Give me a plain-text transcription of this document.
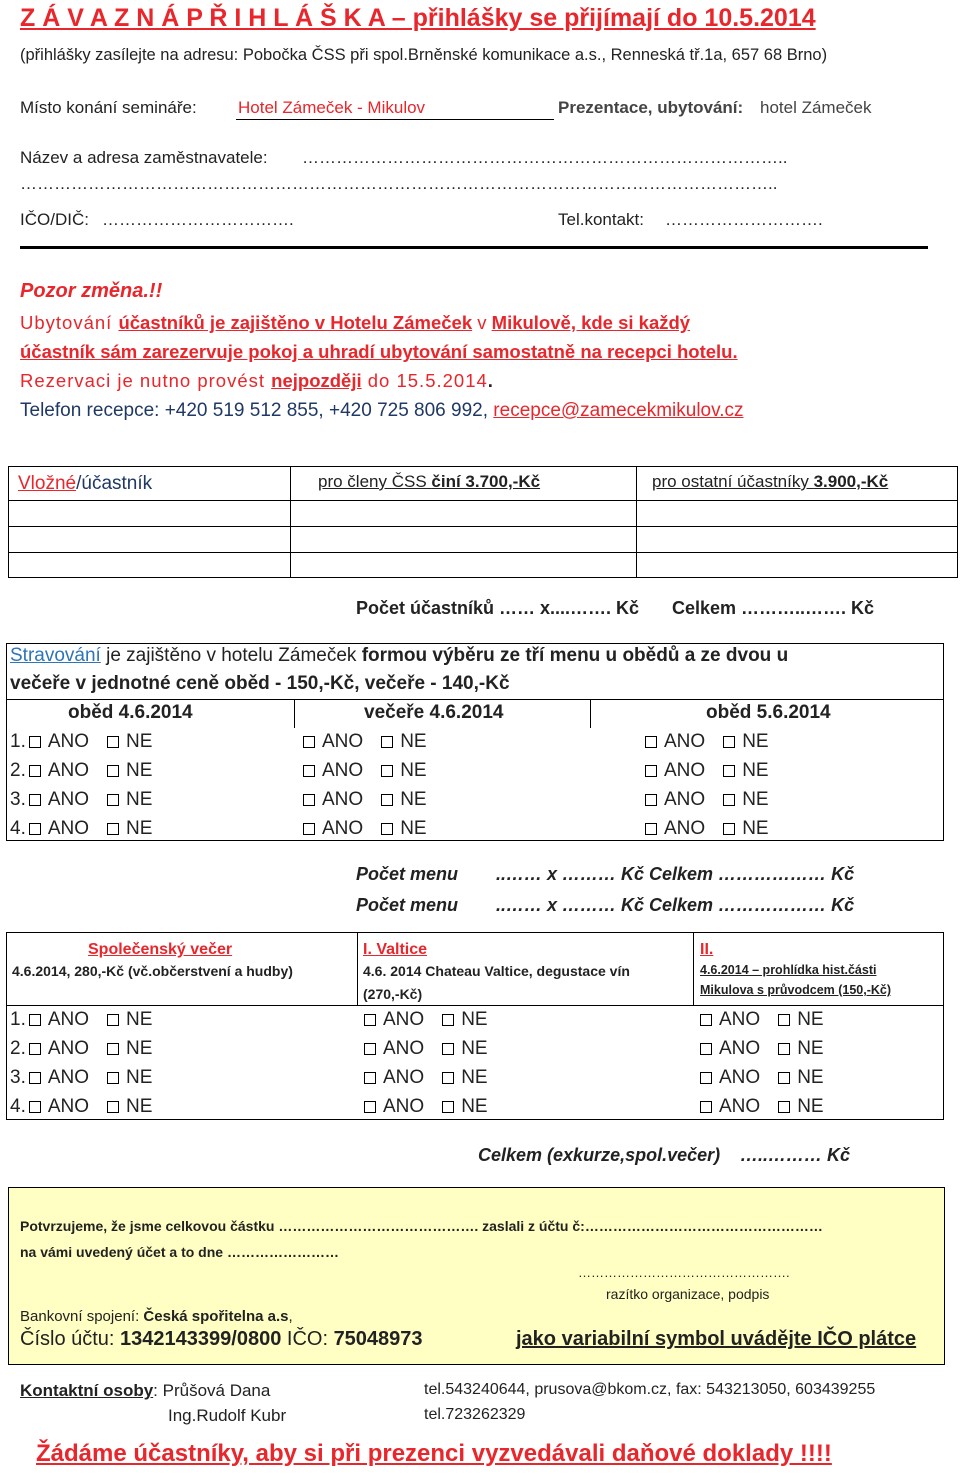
Z Á V A Z N Á P Ř I H L Á Š K A – přihlášky se přijímají do 10.5.2014
(přihlášky zasílejte na adresu: Pobočka ČSS při spol.Brněnské komunikace a.s., Renneská tř.1a, 657 68 Brno)
Místo konání semináře: Hotel Zámeček - Mikulov	Prezentace, ubytování: hotel Zámeček
Název a adresa zaměstnavatele: …………………………………………………………………………..
……………………………………………………………………………………………………………………..
IČO/DIČ: …………………………….	Tel.kontakt: ……………………….
Pozor změna.!!
Ubytování účastníků je zajištěno v Hotelu Zámeček v Mikulově, kde si každý
účastník sám zarezervuje pokoj a uhradí ubytování samostatně na recepci hotelu.
Rezervaci je nutno provést nejpozději do 15.5.2014.
Telefon recepce: +420 519 512 855, +420 725 806 992, recepce@zamecekmikulov.cz
Vložné/účastník	pro členy ČSS činí 3.700,-Kč	pro ostatní účastníky 3.900,-Kč
Počet účastníků …… x....……. Kč Celkem ………..……. Kč
Stravování je zajištěno v hotelu Zámeček formou výběru ze tří menu u obědů a ze dvou u
večeře v jednotné ceně oběd - 150,-Kč, večeře - 140,-Kč
oběd 4.6.2014	večeře 4.6.2014	oběd 5.6.2014
1. ANO NE	ANO NE	ANO NE
2. ANO NE	ANO NE	ANO NE
3. ANO NE	ANO NE	ANO NE
4. ANO NE	ANO NE	ANO NE
Počet menu ..…… x ……… Kč Celkem ……………… Kč
Počet menu ..…… x ……… Kč Celkem ……………… Kč
Společenský večer
4.6.2014, 280,-Kč (vč.občerstvení a hudby)
I. Valtice
4.6. 2014 Chateau Valtice, degustace vín
(270,-Kč)
II.
4.6.2014 – prohlídka hist.části
Mikulova s průvodcem (150,-Kč)
1. ANO NE	ANO NE	ANO NE
2. ANO NE	ANO NE	ANO NE
3. ANO NE	ANO NE	ANO NE
4. ANO NE	ANO NE	ANO NE
Celkem (exkurze,spol.večer) …..……… Kč
Potvrzujeme, že jsme celkovou částku ……………………………………. zaslali z účtu č:……………………………………………
na vámi uvedený účet a to dne ……………………
………………………………………….
razítko organizace, podpis
Bankovní spojení: Česká spořitelna a.s,
Číslo účtu: 1342143399/0800 IČO: 75048973	jako variabilní symbol uvádějte IČO plátce
Kontaktní osoby: Průšová Dana
Ing.Rudolf Kubr
tel.543240644, prusova@bkom.cz, fax: 543213050, 603439255
tel.723262329
Žádáme účastníky, aby si při prezenci vyzvedávali daňové doklady !!!!
